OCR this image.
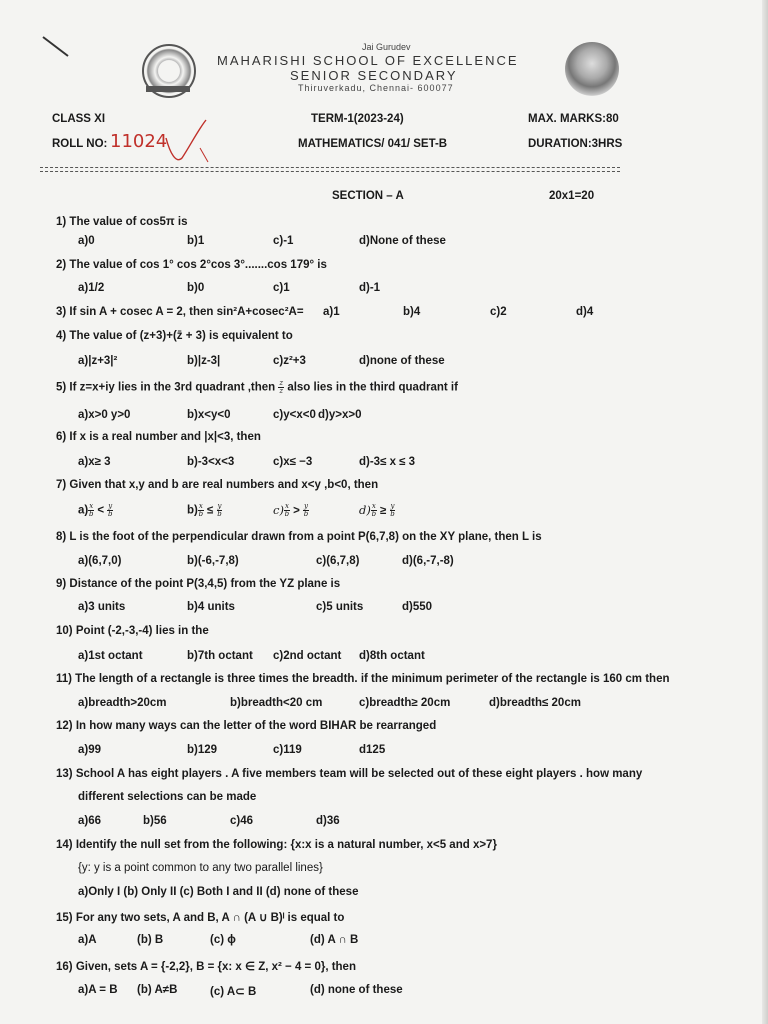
Jai Gurudev
MAHARISHI SCHOOL OF EXCELLENCE
SENIOR SECONDARY
Thiruverkadu, Chennai- 600077
CLASS XI	TERM-1(2023-24)	MAX. MARKS:80
ROLL NO: 11024	MATHEMATICS/ 041/ SET-B	DURATION:3HRS
SECTION – A	20x1=20
1) The value of cos5π is
a)0	b)1	c)-1	d)None of these
2) The value of cos 1° cos 2°cos 3°.......cos 179° is
a)1/2	b)0	c)1	d)-1
3) If sin A + cosec A = 2, then sin²A+cosec²A= a)1	b)4	c)2	d)4
4) The value of (z+3)+(z̄ + 3) is equivalent to
a)|z+3|²	b)|z-3|	c)z²+3	d)none of these
5) If z=x+iy lies in the 3rd quadrant ,then $\frac{z}{z}$ also lies in the third quadrant if
a)x>0 y>0	b)x<y<0	c)y<x<0 d)y>x>0
6) If x is a real number and |x|<3, then
a)x≥ 3	b)-3<x<3	c)x≤ −3	d)-3≤ x ≤ 3
7) Given that x,y and b are real numbers and x<y ,b<0, then
$a) \frac{x}{b} < \frac{y}{b}$	$b) \frac{x}{b} \le \frac{y}{b}$	$c) \frac{x}{b} > \frac{y}{b}$	$d) \frac{x}{b} \ge \frac{y}{b}$
8) L is the foot of the perpendicular drawn from a point P(6,7,8) on the XY plane, then L is
a)(6,7,0)	b)(-6,-7,8)	c)(6,7,8)	d)(6,-7,-8)
9) Distance of the point P(3,4,5) from the YZ plane is
a)3 units	b)4 units	c)5 units	d)550
10) Point (-2,-3,-4) lies in the
a)1st octant	b)7th octant c)2nd octant d)8th octant
11) The length of a rectangle is three times the breadth. if the minimum perimeter of the rectangle is 160 cm then
a)breadth>20cm	b)breadth<20 cm	c)breadth≥ 20cm	d)breadth≤ 20cm
12) In how many ways can the letter of the word BIHAR be rearranged
a)99	b)129	c)119	d125
13) School A has eight players . A five members team will be selected out of these eight players . how many
different selections can be made
a)66	b)56	c)46	d)36
14) Identify the null set from the following: {x:x is a natural number, x<5 and x>7}
{y: y is a point common to any two parallel lines}
a)Only I (b) Only II (c) Both I and II (d) none of these
15) For any two sets, A and B, A ∩ (A ∪ B)ˡ is equal to
a)A	(b) B	(c) ϕ	(d) A ∩ B
16) Given, sets A = {-2,2}, B = {x: x ∈ Z, x² − 4 = 0}, then
a)A = B (b) A≠B	(c) A⊂ B	(d) none of these
